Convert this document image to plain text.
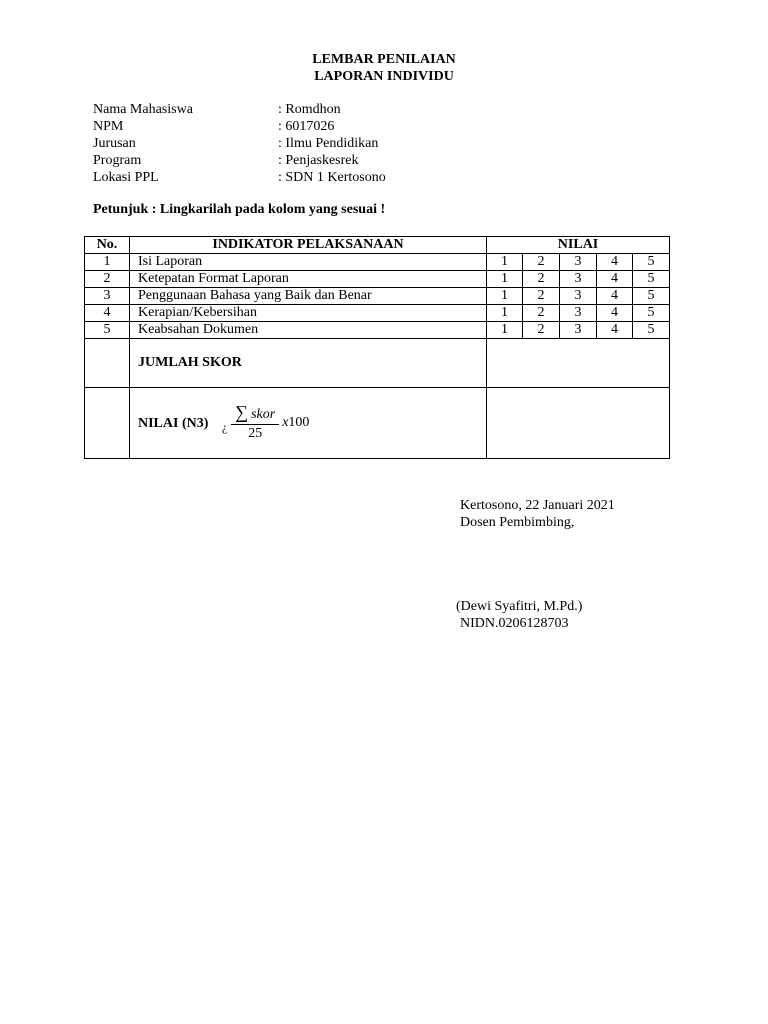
LEMBAR PENILAIAN
LAPORAN INDIVIDU
Nama Mahasiswa	: Romdhon
NPM	: 6017026
Jurusan	: Ilmu Pendidikan
Program	: Penjaskesrek
Lokasi PPL	: SDN 1 Kertosono
Petunjuk : Lingkarilah pada kolom yang sesuai !
No.	INDIKATOR PELAKSANAAN	NILAI				
1	Isi Laporan	1	2	3	4	5
2	Ketepatan Format Laporan	1	2	3	4	5
3	Penggunaan Bahasa yang Baik dan Benar	1	2	3	4	5
4	Kerapian/Kebersihan	1	2	3	4	5
5	Keabsahan Dokumen	1	2	3	4	5
	JUMLAH SKOR					
	NILAI (N3) ¿ $\frac{\text{∑ skor}}{25} x100$					

Kertosono, 22 Januari 2021
Dosen Pembimbing,
(Dewi Syafitri, M.Pd.)
NIDN.0206128703
